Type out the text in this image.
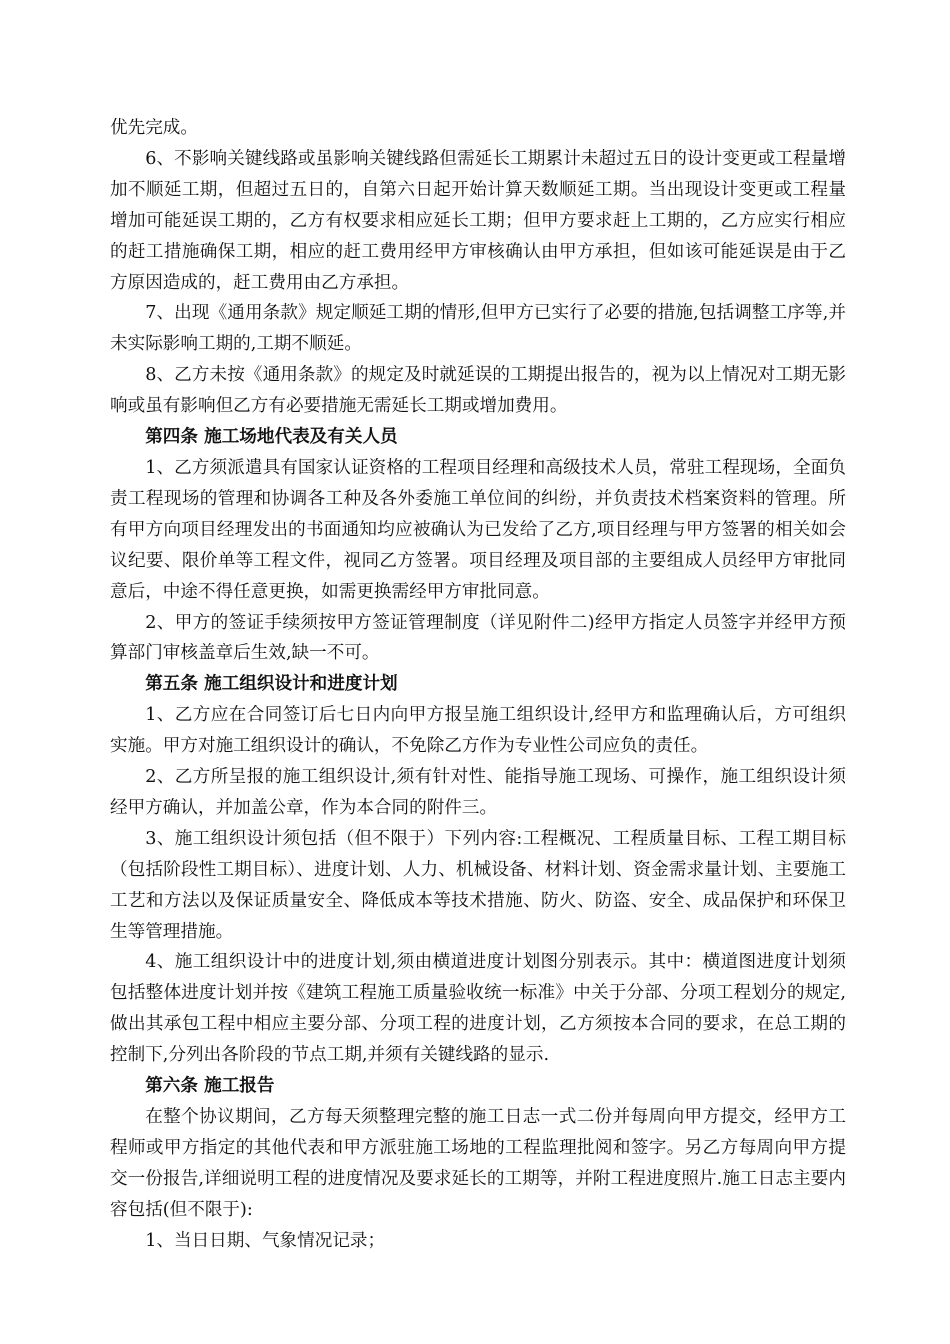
优先完成。

6、不影响关键线路或虽影响关键线路但需延长工期累计未超过五日的设计变更或工程量增加不顺延工期，但超过五日的，自第六日起开始计算天数顺延工期。当出现设计变更或工程量增加可能延误工期的，乙方有权要求相应延长工期；但甲方要求赶上工期的，乙方应实行相应的赶工措施确保工期，相应的赶工费用经甲方审核确认由甲方承担，但如该可能延误是由于乙方原因造成的，赶工费用由乙方承担。

7、出现《通用条款》规定顺延工期的情形,但甲方已实行了必要的措施,包括调整工序等,并未实际影响工期的,工期不顺延。

8、乙方未按《通用条款》的规定及时就延误的工期提出报告的，视为以上情况对工期无影响或虽有影响但乙方有必要措施无需延长工期或增加费用。

第四条 施工场地代表及有关人员

1、乙方须派遣具有国家认证资格的工程项目经理和高级技术人员，常驻工程现场，全面负责工程现场的管理和协调各工种及各外委施工单位间的纠纷，并负责技术档案资料的管理。所有甲方向项目经理发出的书面通知均应被确认为已发给了乙方,项目经理与甲方签署的相关如会议纪要、限价单等工程文件，视同乙方签署。项目经理及项目部的主要组成人员经甲方审批同意后，中途不得任意更换，如需更换需经甲方审批同意。

2、甲方的签证手续须按甲方签证管理制度（详见附件二)经甲方指定人员签字并经甲方预算部门审核盖章后生效,缺一不可。

第五条 施工组织设计和进度计划

1、乙方应在合同签订后七日内向甲方报呈施工组织设计,经甲方和监理确认后，方可组织实施。甲方对施工组织设计的确认，不免除乙方作为专业性公司应负的责任。

2、乙方所呈报的施工组织设计,须有针对性、能指导施工现场、可操作，施工组织设计须经甲方确认，并加盖公章，作为本合同的附件三。

3、施工组织设计须包括（但不限于）下列内容:工程概况、工程质量目标、工程工期目标（包括阶段性工期目标）、进度计划、人力、机械设备、材料计划、资金需求量计划、主要施工工艺和方法以及保证质量安全、降低成本等技术措施、防火、防盗、安全、成品保护和环保卫生等管理措施。

4、施工组织设计中的进度计划,须由横道进度计划图分别表示。其中：横道图进度计划须包括整体进度计划并按《建筑工程施工质量验收统一标准》中关于分部、分项工程划分的规定,做出其承包工程中相应主要分部、分项工程的进度计划，乙方须按本合同的要求，在总工期的控制下,分列出各阶段的节点工期,并须有关键线路的显示.

第六条 施工报告

在整个协议期间，乙方每天须整理完整的施工日志一式二份并每周向甲方提交，经甲方工程师或甲方指定的其他代表和甲方派驻施工场地的工程监理批阅和签字。另乙方每周向甲方提交一份报告,详细说明工程的进度情况及要求延长的工期等，并附工程进度照片.施工日志主要内容包括(但不限于):

1、当日日期、气象情况记录；
